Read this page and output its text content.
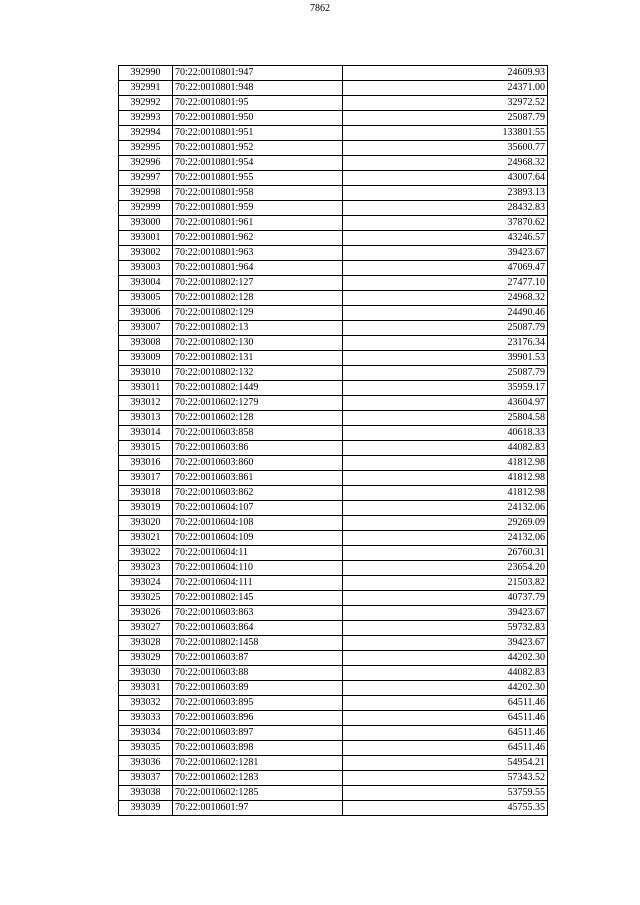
7862
392990	70:22:0010801:947	24609.93
392991	70:22:0010801:948	24371.00
392992	70:22:0010801:95	32972.52
392993	70:22:0010801:950	25087.79
392994	70:22:0010801:951	133801.55
392995	70:22:0010801:952	35600.77
392996	70:22:0010801:954	24968.32
392997	70:22:0010801:955	43007.64
392998	70:22:0010801:958	23893.13
392999	70:22:0010801:959	28432.83
393000	70:22:0010801:961	37870.62
393001	70:22:0010801:962	43246.57
393002	70:22:0010801:963	39423.67
393003	70:22:0010801:964	47069.47
393004	70:22:0010802:127	27477.10
393005	70:22:0010802:128	24968.32
393006	70:22:0010802:129	24490.46
393007	70:22:0010802:13	25087.79
393008	70:22:0010802:130	23176.34
393009	70:22:0010802:131	39901.53
393010	70:22:0010802:132	25087.79
393011	70:22:0010802:1449	35959.17
393012	70:22:0010602:1279	43604.97
393013	70:22:0010602:128	25804.58
393014	70:22:0010603:858	40618.33
393015	70:22:0010603:86	44082.83
393016	70:22:0010603:860	41812.98
393017	70:22:0010603:861	41812.98
393018	70:22:0010603:862	41812.98
393019	70:22:0010604:107	24132.06
393020	70:22:0010604:108	29269.09
393021	70:22:0010604:109	24132.06
393022	70:22:0010604:11	26760.31
393023	70:22:0010604:110	23654.20
393024	70:22:0010604:111	21503.82
393025	70:22:0010802:145	40737.79
393026	70:22:0010603:863	39423.67
393027	70:22:0010603:864	59732.83
393028	70:22:0010802:1458	39423.67
393029	70:22:0010603:87	44202.30
393030	70:22:0010603:88	44082.83
393031	70:22:0010603:89	44202.30
393032	70:22:0010603:895	64511.46
393033	70:22:0010603:896	64511.46
393034	70:22:0010603:897	64511.46
393035	70:22:0010603:898	64511.46
393036	70:22:0010602:1281	54954.21
393037	70:22:0010602:1283	57343.52
393038	70:22:0010602:1285	53759.55
393039	70:22:0010601:97	45755.35
